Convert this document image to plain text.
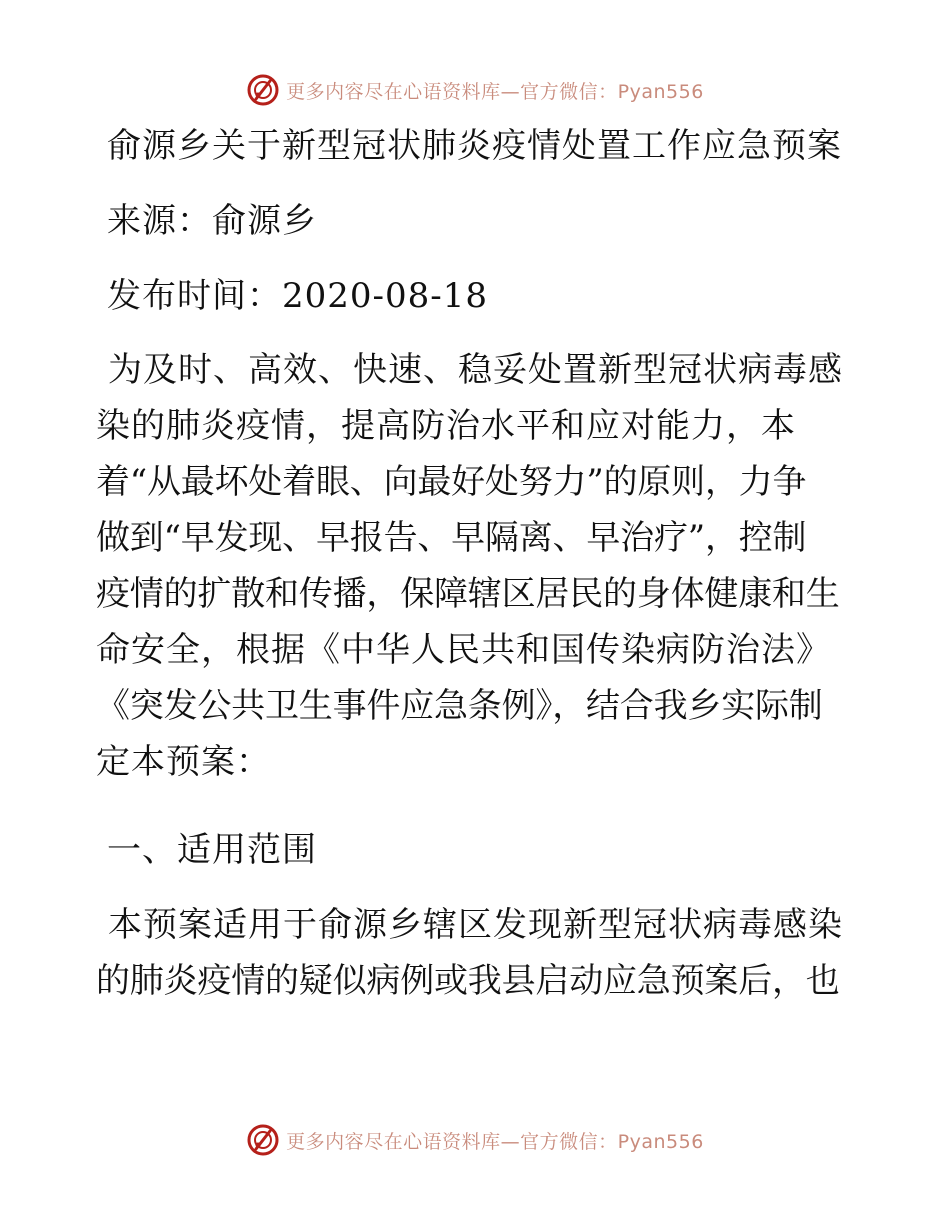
更多内容尽在心语资料库—官方微信：Pyan556
俞源乡关于新型冠状肺炎疫情处置工作应急预案
来源：俞源乡
发布时间：2020-08-18
为及时、高效、快速、稳妥处置新型冠状病毒感
染的肺炎疫情，提高防治水平和应对能力，本
着“从最坏处着眼、向最好处努力”的原则，力争
做到“早发现、早报告、早隔离、早治疗”，控制
疫情的扩散和传播，保障辖区居民的身体健康和生
命安全，根据《中华人民共和国传染病防治法》
《突发公共卫生事件应急条例》，结合我乡实际制
定本预案：
一、适用范围
本预案适用于俞源乡辖区发现新型冠状病毒感染
的肺炎疫情的疑似病例或我县启动应急预案后，也
更多内容尽在心语资料库—官方微信：Pyan556
